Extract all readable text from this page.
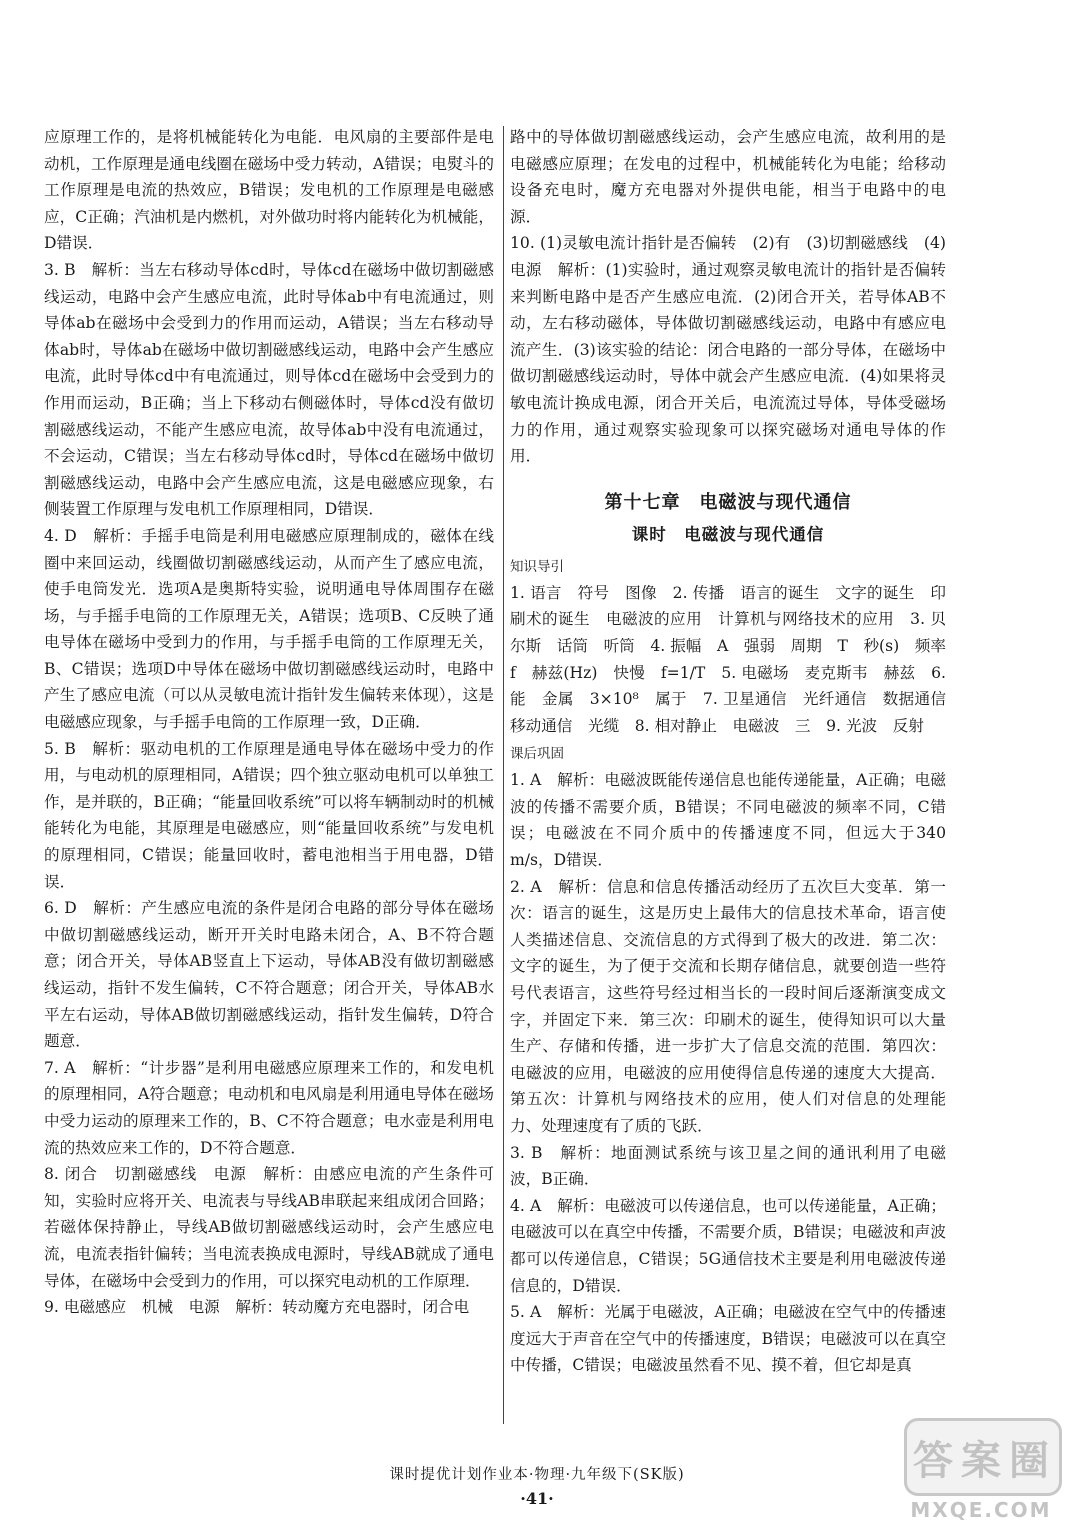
应原理工作的，是将机械能转化为电能．电风扇的主要部件是电动机，工作原理是通电线圈在磁场中受力转动，A错误；电熨斗的工作原理是电流的热效应，B错误；发电机的工作原理是电磁感应，C正确；汽油机是内燃机，对外做功时将内能转化为机械能，D错误．

3. B　解析：当左右移动导体cd时，导体cd在磁场中做切割磁感线运动，电路中会产生感应电流，此时导体ab中有电流通过，则导体ab在磁场中会受到力的作用而运动，A错误；当左右移动导体ab时，导体ab在磁场中做切割磁感线运动，电路中会产生感应电流，此时导体cd中有电流通过，则导体cd在磁场中会受到力的作用而运动，B正确；当上下移动右侧磁体时，导体cd没有做切割磁感线运动，不能产生感应电流，故导体ab中没有电流通过，不会运动，C错误；当左右移动导体cd时，导体cd在磁场中做切割磁感线运动，电路中会产生感应电流，这是电磁感应现象，右侧装置工作原理与发电机工作原理相同，D错误．

4. D　解析：手摇手电筒是利用电磁感应原理制成的，磁体在线圈中来回运动，线圈做切割磁感线运动，从而产生了感应电流，使手电筒发光．选项A是奥斯特实验，说明通电导体周围存在磁场，与手摇手电筒的工作原理无关，A错误；选项B、C反映了通电导体在磁场中受到力的作用，与手摇手电筒的工作原理无关，B、C错误；选项D中导体在磁场中做切割磁感线运动时，电路中产生了感应电流（可以从灵敏电流计指针发生偏转来体现），这是电磁感应现象，与手摇手电筒的工作原理一致，D正确．

5. B　解析：驱动电机的工作原理是通电导体在磁场中受力的作用，与电动机的原理相同，A错误；四个独立驱动电机可以单独工作，是并联的，B正确；“能量回收系统”可以将车辆制动时的机械能转化为电能，其原理是电磁感应，则“能量回收系统”与发电机的原理相同，C错误；能量回收时，蓄电池相当于用电器，D错误．

6. D　解析：产生感应电流的条件是闭合电路的部分导体在磁场中做切割磁感线运动，断开开关时电路未闭合，A、B不符合题意；闭合开关，导体AB竖直上下运动，导体AB没有做切割磁感线运动，指针不发生偏转，C不符合题意；闭合开关，导体AB水平左右运动，导体AB做切割磁感线运动，指针发生偏转，D符合题意．

7. A　解析：“计步器”是利用电磁感应原理来工作的，和发电机的原理相同，A符合题意；电动机和电风扇是利用通电导体在磁场中受力运动的原理来工作的，B、C不符合题意；电水壶是利用电流的热效应来工作的，D不符合题意．

8. 闭合　切割磁感线　电源　解析：由感应电流的产生条件可知，实验时应将开关、电流表与导线AB串联起来组成闭合回路；若磁体保持静止，导线AB做切割磁感线运动时，会产生感应电流，电流表指针偏转；当电流表换成电源时，导线AB就成了通电导体，在磁场中会受到力的作用，可以探究电动机的工作原理．

9. 电磁感应　机械　电源　解析：转动魔方充电器时，闭合电

路中的导体做切割磁感线运动，会产生感应电流，故利用的是电磁感应原理；在发电的过程中，机械能转化为电能；给移动设备充电时，魔方充电器对外提供电能，相当于电路中的电源．

10. (1)灵敏电流计指针是否偏转　(2)有　(3)切割磁感线　(4)电源　解析：(1)实验时，通过观察灵敏电流计的指针是否偏转来判断电路中是否产生感应电流．(2)闭合开关，若导体AB不动，左右移动磁体，导体做切割磁感线运动，电路中有感应电流产生．(3)该实验的结论：闭合电路的一部分导体，在磁场中做切割磁感线运动时，导体中就会产生感应电流．(4)如果将灵敏电流计换成电源，闭合开关后，电流流过导体，导体受磁场力的作用，通过观察实验现象可以探究磁场对通电导体的作用．

第十七章　电磁波与现代通信
课时　电磁波与现代通信
知识导引

1. 语言　符号　图像　2. 传播　语言的诞生　文字的诞生　印刷术的诞生　电磁波的应用　计算机与网络技术的应用　3. 贝尔斯　话筒　听筒　4. 振幅　A　强弱　周期　T　秒(s)　频率　f　赫兹(Hz)　快慢　f=1/T　5. 电磁场　麦克斯韦　赫兹　6. 能　金属　3×10⁸　属于　7. 卫星通信　光纤通信　数据通信　移动通信　光缆　8. 相对静止　电磁波　三　9. 光波　反射

课后巩固

1. A　解析：电磁波既能传递信息也能传递能量，A正确；电磁波的传播不需要介质，B错误；不同电磁波的频率不同，C错误；电磁波在不同介质中的传播速度不同，但远大于340 m/s，D错误．

2. A　解析：信息和信息传播活动经历了五次巨大变革．第一次：语言的诞生，这是历史上最伟大的信息技术革命，语言使人类描述信息、交流信息的方式得到了极大的改进．第二次：文字的诞生，为了便于交流和长期存储信息，就要创造一些符号代表语言，这些符号经过相当长的一段时间后逐渐演变成文字，并固定下来．第三次：印刷术的诞生，使得知识可以大量生产、存储和传播，进一步扩大了信息交流的范围．第四次：电磁波的应用，电磁波的应用使得信息传递的速度大大提高．第五次：计算机与网络技术的应用，使人们对信息的处理能力、处理速度有了质的飞跃．

3. B　解析：地面测试系统与该卫星之间的通讯利用了电磁波，B正确．

4. A　解析：电磁波可以传递信息，也可以传递能量，A正确；电磁波可以在真空中传播，不需要介质，B错误；电磁波和声波都可以传递信息，C错误；5G通信技术主要是利用电磁波传递信息的，D错误．

5. A　解析：光属于电磁波，A正确；电磁波在空气中的传播速度远大于声音在空气中的传播速度，B错误；电磁波可以在真空中传播，C错误；电磁波虽然看不见、摸不着，但它却是真

课时提优计划作业本·物理·九年级下(SK版)
·41·
答 案 圈
MXQE.COM
